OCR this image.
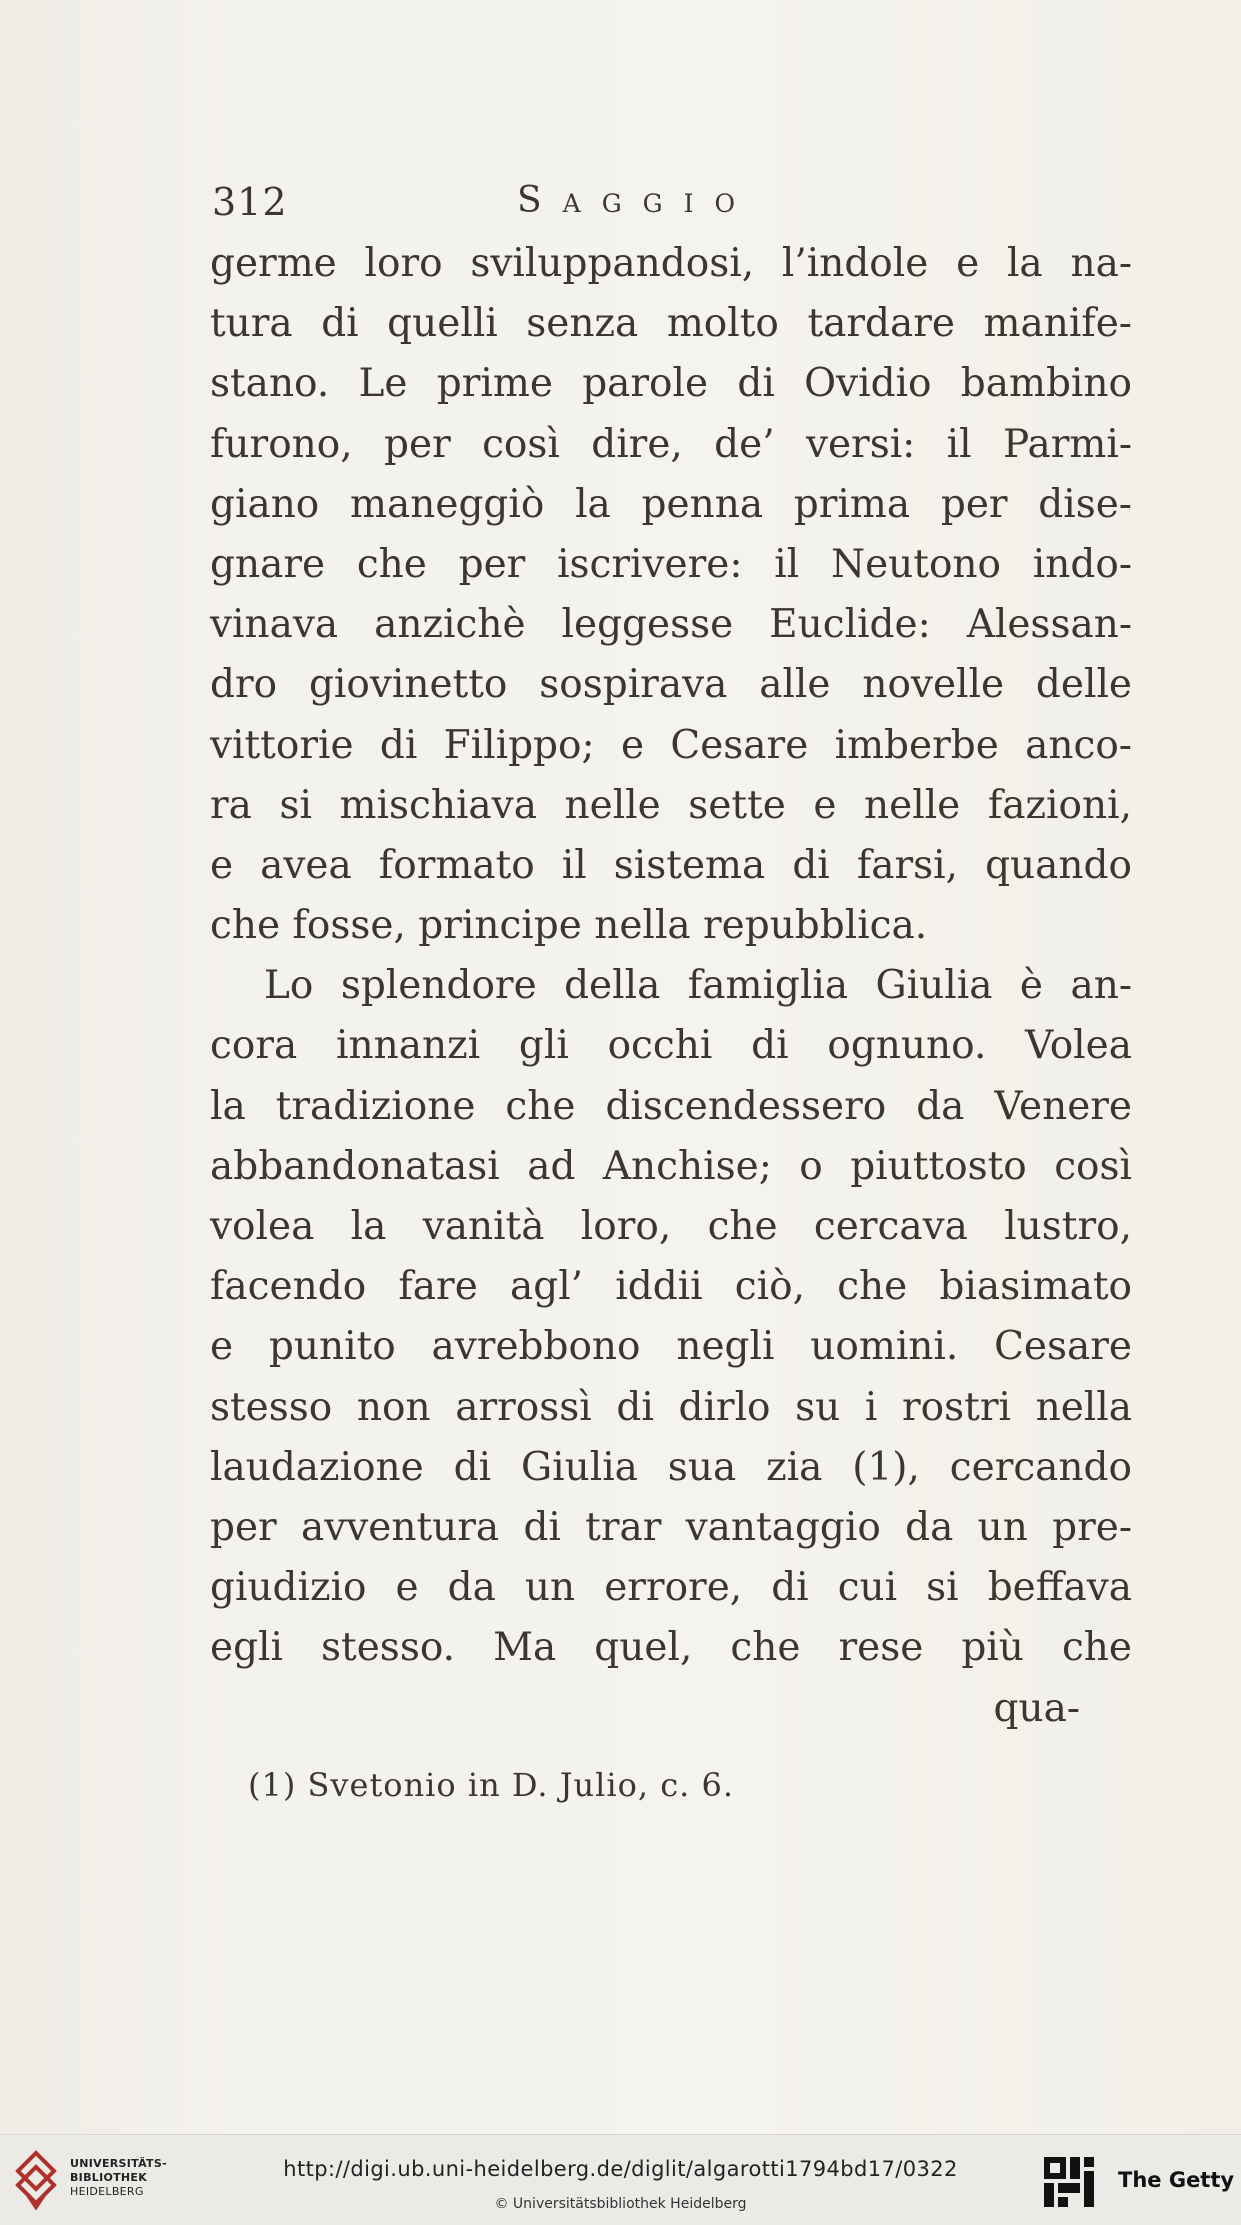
312	Saggio
germe loro sviluppandosi, l’indole e la na-
tura di quelli senza molto tardare manife-
stano. Le prime parole di Ovidio bambino
furono, per così dire, de’ versi: il Parmi-
giano maneggiò la penna prima per dise-
gnare che per iscrivere: il Neutono indo-
vinava anzichè leggesse Euclide: Alessan-
dro giovinetto sospirava alle novelle delle
vittorie di Filippo; e Cesare imberbe anco-
ra si mischiava nelle sette e nelle fazioni,
e avea formato il sistema di farsi, quando
che fosse, principe nella repubblica.
Lo splendore della famiglia Giulia è an-
cora innanzi gli occhi di ognuno. Volea
la tradizione che discendessero da Venere
abbandonatasi ad Anchise; o piuttosto così
volea la vanità loro, che cercava lustro,
facendo fare agl’ iddii ciò, che biasimato
e punito avrebbono negli uomini. Cesare
stesso non arrossì di dirlo su i rostri nella
laudazione di Giulia sua zia (1), cercando
per avventura di trar vantaggio da un pre-
giudizio e da un errore, di cui si beffava
egli stesso. Ma quel, che rese più che
qua-
(1) Svetonio in D. Julio, c. 6.
UNIVERSITÄTS-
BIBLIOTHEK
HEIDELBERG
http://digi.ub.uni-heidelberg.de/diglit/algarotti1794bd17/0322
© Universitätsbibliothek Heidelberg
The Getty
